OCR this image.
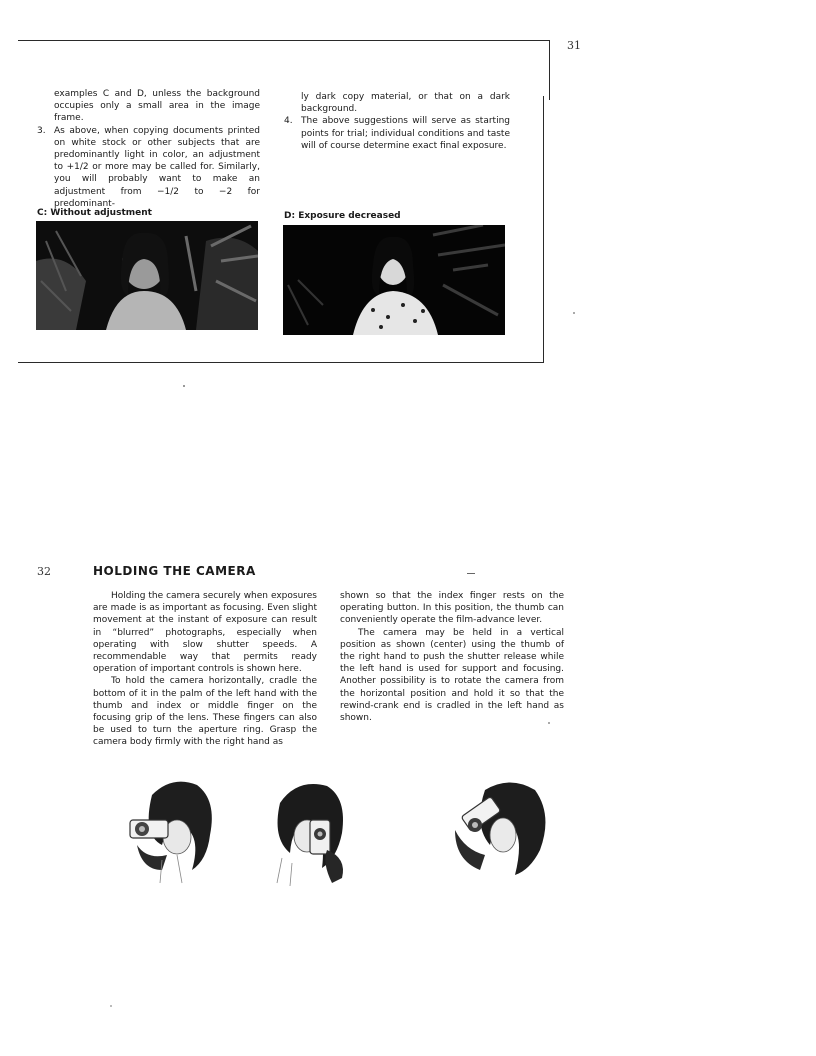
31

examples C and D, unless the background occupies only a small area in the image frame.

3. As above, when copying documents printed on white stock or other subjects that are predominantly light in color, an adjustment to +1/2 or more may be called for. Similarly, you will probably want to make an adjustment from −1/2 to −2 for predominant-

ly dark copy material, or that on a dark background.

4. The above suggestions will serve as starting points for trial; individual conditions and taste will of course determine exact final exposure.

C: Without adjustment	D: Exposure decreased
32	HOLDING THE CAMERA

Holding the camera securely when exposures are made is as important as focusing. Even slight movement at the instant of exposure can result in “blurred” photographs, especially when operating with slow shutter speeds. A recommendable way that permits ready operation of important controls is shown here.

To hold the camera horizontally, cradle the bottom of it in the palm of the left hand with the thumb and index or middle finger on the focusing grip of the lens. These fingers can also be used to turn the aperture ring. Grasp the camera body firmly with the right hand as

shown so that the index finger rests on the operating button. In this position, the thumb can conveniently operate the film-advance lever.

The camera may be held in a vertical position as shown (center) using the thumb of the right hand to push the shutter release while the left hand is used for support and focusing. Another possibility is to rotate the camera from the horizontal position and hold it so that the rewind-crank end is cradled in the left hand as shown.
